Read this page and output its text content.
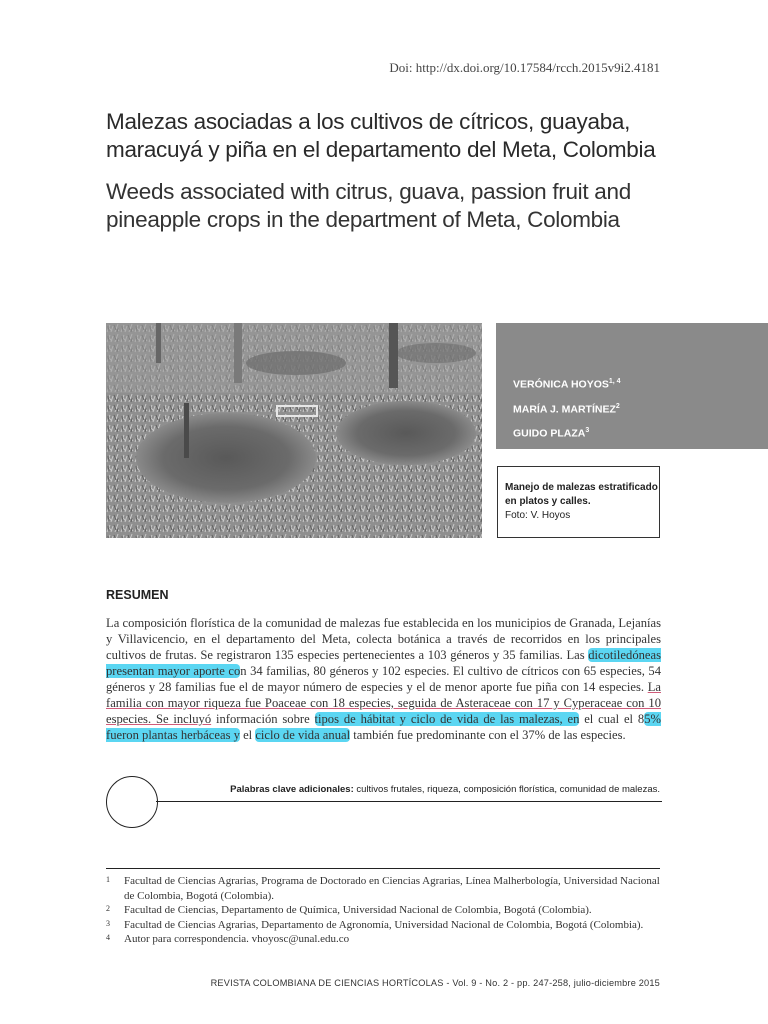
Doi: http://dx.doi.org/10.17584/rcch.2015v9i2.4181
Malezas asociadas a los cultivos de cítricos, guayaba, maracuyá y piña en el departamento del Meta, Colombia
Weeds associated with citrus, guava, passion fruit and pineapple crops in the department of Meta, Colombia
VERÓNICA HOYOS$^{1, 4}$
MARÍA J. MARTÍNEZ$^2$
GUIDO PLAZA$^3$
Manejo de malezas estratificado en platos y calles.
Foto: V. Hoyos
RESUMEN
La composición florística de la comunidad de malezas fue establecida en los municipios de Granada, Lejanías y Villavicencio, en el departamento del Meta, colecta botánica a través de recorridos en los principales cultivos de frutas. Se registraron 135 especies pertenecientes a 103 géneros y 35 familias. Las dicotiledóneas presentan mayor aporte con 34 familias, 80 géneros y 102 especies. El cultivo de cítricos con 65 especies, 54 géneros y 28 familias fue el de mayor número de especies y el de menor aporte fue piña con 14 especies. La familia con mayor riqueza fue Poaceae con 18 especies, seguida de Asteraceae con 17 y Cyperaceae con 10 especies. Se incluyó información sobre tipos de hábitat y ciclo de vida de las malezas, en el cual el 85% fueron plantas herbáceas y el ciclo de vida anual también fue predominante con el 37% de las especies.
Palabras clave adicionales: cultivos frutales, riqueza, composición florística, comunidad de malezas.
1	Facultad de Ciencias Agrarias, Programa de Doctorado en Ciencias Agrarias, Línea Malherbología, Universidad Nacional de Colombia, Bogotá (Colombia).
2	Facultad de Ciencias, Departamento de Química, Universidad Nacional de Colombia, Bogotá (Colombia).
3	Facultad de Ciencias Agrarias, Departamento de Agronomía, Universidad Nacional de Colombia, Bogotá (Colombia).
4	Autor para correspondencia. vhoyosc@unal.edu.co
REVISTA COLOMBIANA DE CIENCIAS HORTÍCOLAS - Vol. 9 - No. 2 - pp. 247-258, julio-diciembre 2015
